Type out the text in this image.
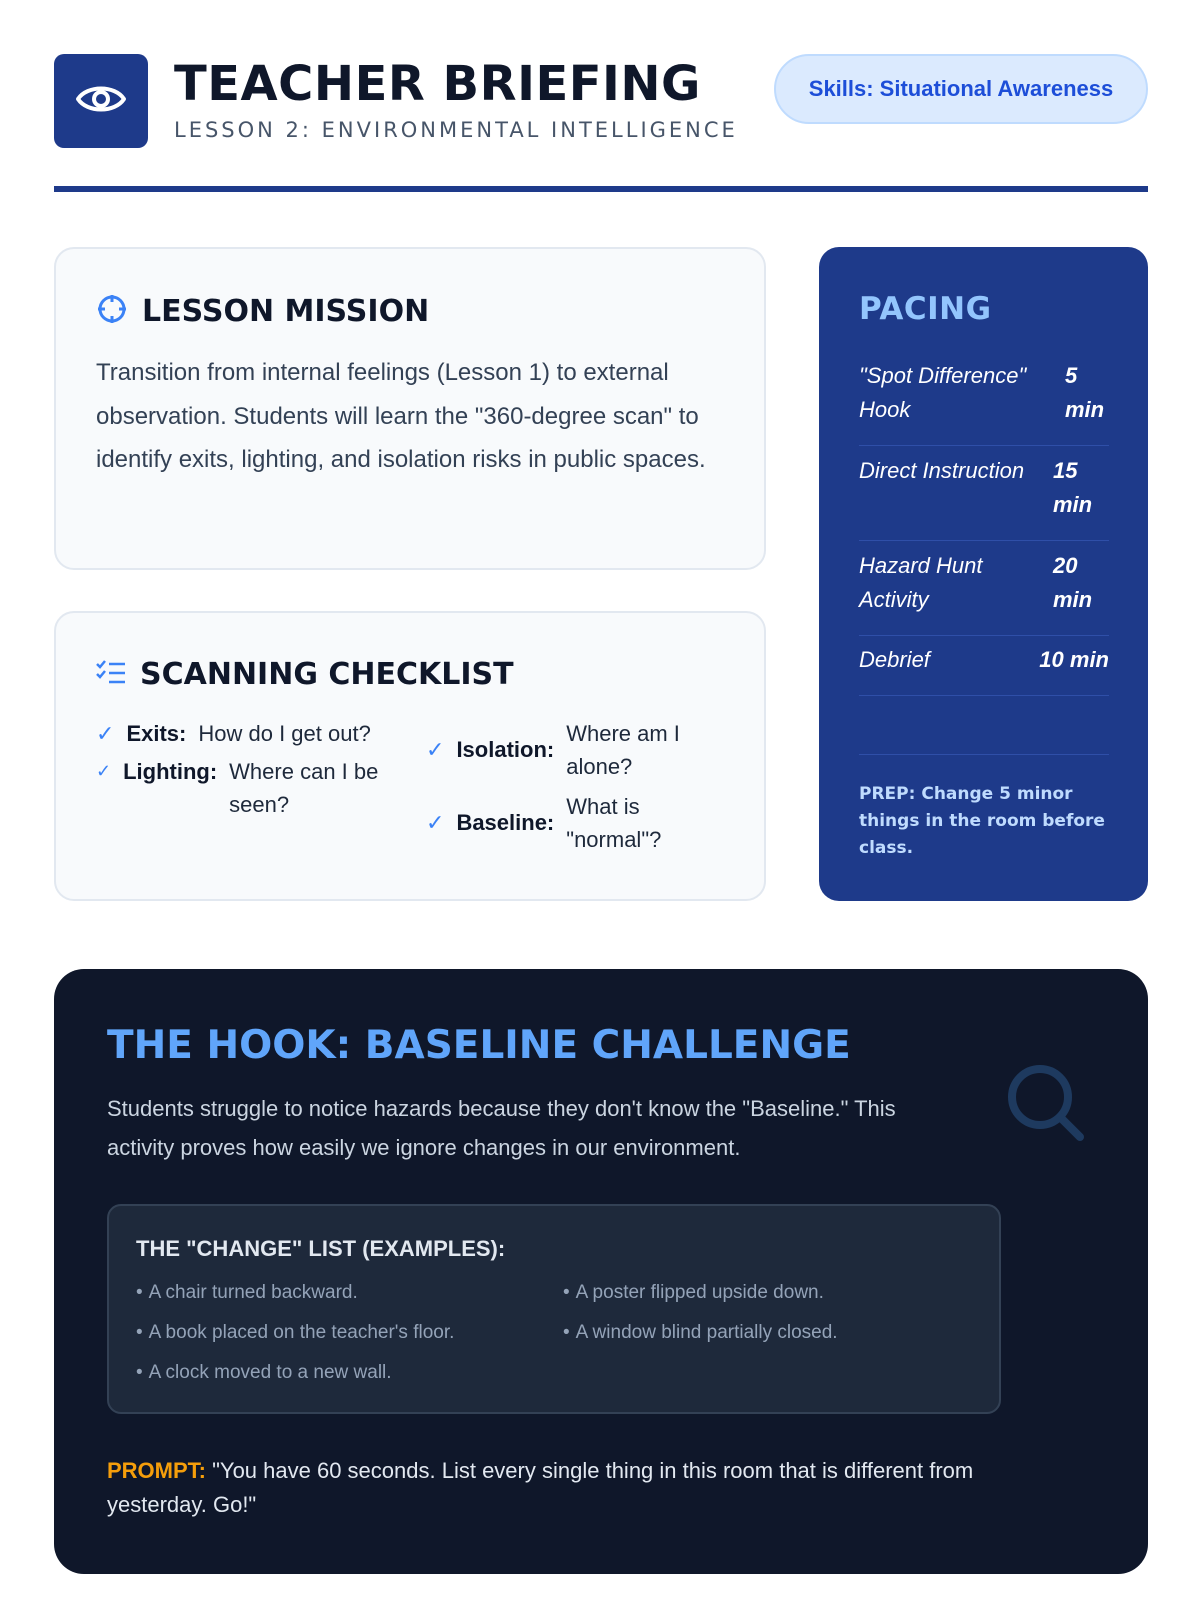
TEACHER BRIEFING
LESSON 2: ENVIRONMENTAL INTELLIGENCE
Skills: Situational Awareness
LESSON MISSION

Transition from internal feelings (Lesson 1) to external observation. Students will learn the "360-degree scan" to identify exits, lighting, and isolation risks in public spaces.

SCANNING CHECKLIST
✓ Exits: How do I get out?
✓ Lighting: Where can I be seen?
✓ Isolation:
Where am I alone?
✓ Baseline:
What is "normal"?
PACING
"Spot Difference" Hook
5 min
Direct Instruction	15 min
Hazard Hunt Activity
20 min
Debrief	10 min
PREP: Change 5 minor things in the room before class.
THE HOOK: BASELINE CHALLENGE

Students struggle to notice hazards because they don't know the "Baseline." This activity proves how easily we ignore changes in our environment.

THE "CHANGE" LIST (EXAMPLES):
• A chair turned backward.
• A book placed on the teacher's floor.
• A clock moved to a new wall.
• A poster flipped upside down.
• A window blind partially closed.

PROMPT: "You have 60 seconds. List every single thing in this room that is different from yesterday. Go!"
